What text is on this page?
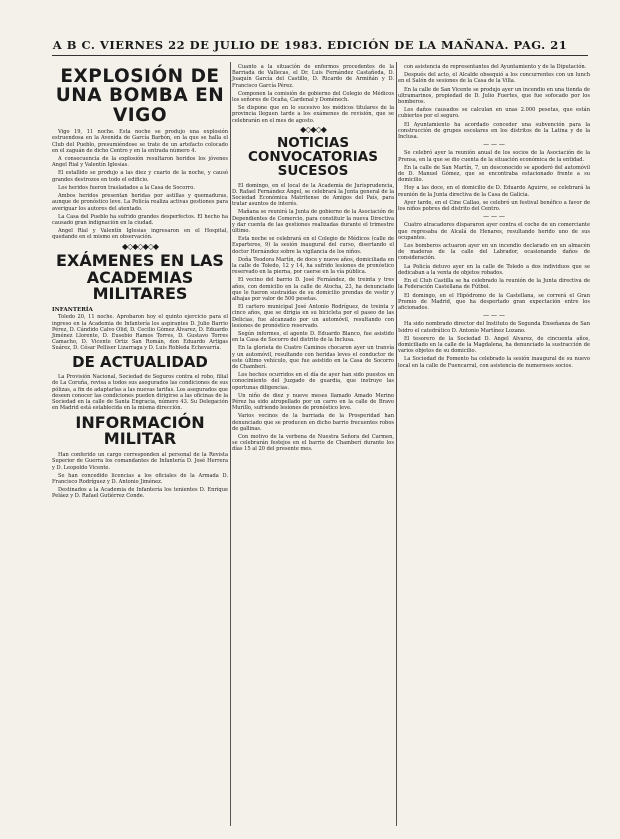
A B C. VIERNES 22 DE JULIO DE 1983. EDICIÓN DE LA MAÑANA. PAG. 21
EXPLOSIÓN DE UNA BOMBA EN VIGO

Vigo 19, 11 noche. Esta noche se produjo una explosión estruendosa en la Avenida de García Barbón, en la que se halla el Club del Pueblo, presumiéndose se trate de un artefacto colocado en el zaguán de dicho Centro y en la entrada número 4.

A consecuencia de la explosión resultaron heridos los jóvenes Angel Rial y Valentín Iglesias.

El estallido se produjo a las diez y cuarto de la noche, y causó grandes destrozos en todo el edificio.

Los heridos fueron trasladados a la Casa de Socorro.

Ambos heridos presentan heridas por astillas y quemaduras, aunque de pronóstico leve. La Policía realiza activas gestiones para averiguar los autores del atentado.

La Casa del Pueblo ha sufrido grandes desperfectos. El hecho ha causado gran indignación en la ciudad.

Angel Rial y Valentín Iglesias ingresaron en el Hospital, quedando en el mismo en observación.

◆◇◆◇◆◇◆
EXÁMENES EN LAS ACADEMIAS MILITARES
INFANTERÍA

Toledo 20, 11 noche. Aprobaron hoy el quinto ejercicio para el ingreso en la Academia de Infantería los aspirantes D. Julio Barrio Pérez, D. Cándido Calvo Olid, D. Cecilio Gómez Álvarez, D. Eduardo Jiménez Llorente, D. Eusebio Ramos Torres, D. Gustavo Torres Camacho, D. Vicente Ortiz San Román, don Eduardo Artigas Suárez, D. César Pelliser Lizarraga y D. Luis Robleda Echevarría.

DE ACTUALIDAD

La Provisión Nacional, Sociedad de Seguros contra el robo, filial de La Coruña, revisa a todos sus asegurados las condiciones de sus pólizas, a fin de adaptarlas a las nuevas tarifas. Los asegurados que deseen conocer las condiciones pueden dirigirse a las oficinas de la Sociedad en la calle de Santa Engracia, número 43. Su Delegación en Madrid está establecida en la misma dirección.

INFORMACIÓN MILITAR

Han conferido un cargo corresponden al personal de la Revista Superior de Guerra los comandantes de Infantería D. José Herrera y D. Leopoldo Vicente.

Se han concedido licencias a los oficiales de la Armada D. Francisco Rodríguez y D. Antonio Jiménez.

Destinados a la Academia de Infantería los tenientes D. Enrique Peláez y D. Rafael Gutiérrez Conde.

Cuanto a la situación de enfermos procedentes de la Barriada de Vallecas, el Dr. Luis Fernández Castañeda, D. Joaquín García del Castillo, D. Ricardo de Armiñán y D. Francisco García Pérez.

Componen la comisión de gobierno del Colegio de Médicos los señores de Ocaña, Cardenal y Doménech.

Se dispone que en lo sucesivo los médicos titulares de la provincia lleguen tarde a los exámenes de revisión, que se celebrarán en el mes de agosto.

◆◇◆◇◆
NOTICIAS CONVOCATORIAS SUCESOS

El domingo, en el local de la Academia de Jurisprudencia, D. Rafael Fernández Ángel, se celebrará la Junta general de la Sociedad Económica Matritense de Amigos del País, para tratar asuntos de interés.

Mañana se reunirá la Junta de gobierno de la Asociación de Dependientes de Comercio, para constituir la nueva Directiva y dar cuenta de las gestiones realizadas durante el trimestre último.

Esta noche se celebrará en el Colegio de Médicos (calle de Esparteros, 9) la sesión inaugural del curso, disertando el doctor Hernández sobre la vigilancia de los niños.

Doña Teodora Martín, de doce y nueve años, domiciliada en la calle de Toledo, 12 y 14, ha sufrido lesiones de pronóstico reservado en la pierna, por caerse en la vía pública.

El vecino del barrio D. José Fernández, de treinta y tres años, con domicilio en la calle de Atocha, 23, ha denunciado que le fueron sustraídas de su domicilio prendas de vestir y alhajas por valor de 500 pesetas.

El cartero municipal José Antonio Rodríguez, de treinta y cinco años, que se dirigía en su bicicleta por el paseo de las Delicias, fue alcanzado por un automóvil, resultando con lesiones de pronóstico reservado.

Según informes, el agente D. Eduardo Blanco, fue asistido en la Casa de Socorro del distrito de la Inclusa.

En la glorieta de Cuatro Caminos chocaron ayer un tranvía y un automóvil, resultando con heridas leves el conductor de este último vehículo, que fue asistido en la Casa de Socorro de Chamberí.

Los hechos ocurridos en el día de ayer han sido puestos en conocimiento del Juzgado de guardia, que instruye las oportunas diligencias.

Un niño de diez y nueve meses llamado Amado Merino Pérez ha sido atropellado por un carro en la calle de Bravo Murillo, sufriendo lesiones de pronóstico leve.

Varios vecinos de la barriada de la Prosperidad han denunciado que se producen en dicho barrio frecuentes robos de gallinas.

Con motivo de la verbena de Nuestra Señora del Carmen, se celebrarán festejos en el barrio de Chamberí durante los días 15 al 20 del presente mes.

con asistencia de representantes del Ayuntamiento y de la Diputación.

Después del acto, el Alcalde obsequió a los concurrentes con un lunch en el Salón de sesiones de la Casa de la Villa.

En la calle de San Vicente se produjo ayer un incendio en una tienda de ultramarinos, propiedad de D. Julio Fuertes, que fue sofocado por los bomberos.

Los daños causados se calculan en unas 2.000 pesetas, que están cubiertos por el seguro.

El Ayuntamiento ha acordado conceder una subvención para la construcción de grupos escolares en los distritos de la Latina y de la Inclusa.

— — —

Se celebró ayer la reunión anual de los socios de la Asociación de la Prensa, en la que se dio cuenta de la situación económica de la entidad.

En la calle de San Martín, 7, un desconocido se apoderó del automóvil de D. Manuel Gómez, que se encontraba estacionado frente a su domicilio.

Hoy a las doce, en el domicilio de D. Eduardo Aguirre, se celebrará la reunión de la Junta directiva de la Casa de Galicia.

Ayer tarde, en el Cine Callao, se celebró un festival benéfico a favor de los niños pobres del distrito del Centro.

— — —

Cuatro atracadores dispararon ayer contra el coche de un comerciante que regresaba de Alcalá de Henares, resultando herido uno de sus ocupantes.

Los bomberos actuaron ayer en un incendio declarado en un almacén de maderas de la calle del Labrador, ocasionando daños de consideración.

La Policía detuvo ayer en la calle de Toledo a dos individuos que se dedicaban a la venta de objetos robados.

En el Club Castilla se ha celebrado la reunión de la Junta directiva de la Federación Castellana de Fútbol.

El domingo, en el Hipódromo de la Castellana, se correrá el Gran Premio de Madrid, que ha despertado gran expectación entre los aficionados.

— — —

Ha sido nombrado director del Instituto de Segunda Enseñanza de San Isidro el catedrático D. Antonio Martínez Lozano.

El tesorero de la Sociedad D. Angel Alvarez, de cincuenta años, domiciliado en la calle de la Magdalena, ha denunciado la sustracción de varios objetos de su domicilio.

La Sociedad de Fomento ha celebrado la sesión inaugural de su nuevo local en la calle de Fuencarral, con asistencia de numerosos socios.
